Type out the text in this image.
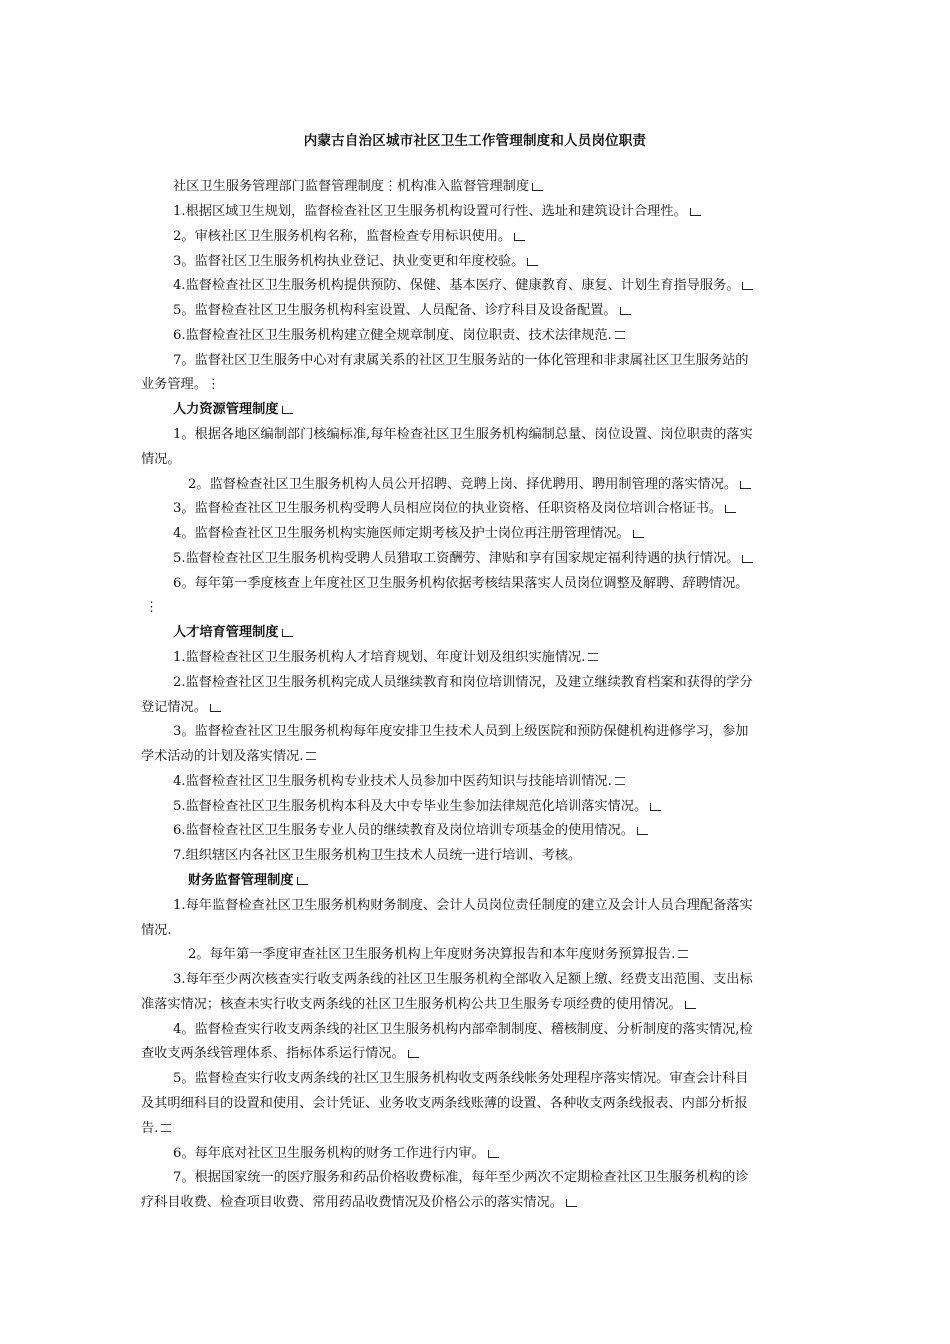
内蒙古自治区城市社区卫生工作管理制度和人员岗位职责
社区卫生服务管理部门监督管理制度⋮机构准入监督管理制度
1.根据区域卫生规划，监督检查社区卫生服务机构设置可行性、选址和建筑设计合理性。
2。审核社区卫生服务机构名称，监督检查专用标识使用。
3。监督社区卫生服务机构执业登记、执业变更和年度校验。
4.监督检查社区卫生服务机构提供预防、保健、基本医疗、健康教育、康复、计划生育指导服务。
5。监督检查社区卫生服务机构科室设置、人员配备、诊疗科目及设备配置。
6.监督检查社区卫生服务机构建立健全规章制度、岗位职责、技术法律规范.
7。监督社区卫生服务中心对有隶属关系的社区卫生服务站的一体化管理和非隶属社区卫生服务站的
业务管理。⋮
人力资源管理制度
1。根据各地区编制部门核编标准,每年检查社区卫生服务机构编制总量、岗位设置、岗位职责的落实
情况。
2。监督检查社区卫生服务机构人员公开招聘、竞聘上岗、择优聘用、聘用制管理的落实情况。
3。监督检查社区卫生服务机构受聘人员相应岗位的执业资格、任职资格及岗位培训合格证书。
4。监督检查社区卫生服务机构实施医师定期考核及护士岗位再注册管理情况。
5.监督检查社区卫生服务机构受聘人员猎取工资酬劳、津贴和享有国家规定福利待遇的执行情况。
6。每年第一季度核查上年度社区卫生服务机构依据考核结果落实人员岗位调整及解聘、辞聘情况。
⋮
人才培育管理制度
1.监督检查社区卫生服务机构人才培育规划、年度计划及组织实施情况.
2.监督检查社区卫生服务机构完成人员继续教育和岗位培训情况，及建立继续教育档案和获得的学分
登记情况。
3。监督检查社区卫生服务机构每年度安排卫生技术人员到上级医院和预防保健机构进修学习，参加
学术活动的计划及落实情况.
4.监督检查社区卫生服务机构专业技术人员参加中医药知识与技能培训情况.
5.监督检查社区卫生服务机构本科及大中专毕业生参加法律规范化培训落实情况。
6.监督检查社区卫生服务专业人员的继续教育及岗位培训专项基金的使用情况。
7.组织辖区内各社区卫生服务机构卫生技术人员统一进行培训、考核。
财务监督管理制度
1.每年监督检查社区卫生服务机构财务制度、会计人员岗位责任制度的建立及会计人员合理配备落实
情况.
2。每年第一季度审查社区卫生服务机构上年度财务决算报告和本年度财务预算报告.
3.每年至少两次核查实行收支两条线的社区卫生服务机构全部收入足额上缴、经费支出范围、支出标
准落实情况；核查未实行收支两条线的社区卫生服务机构公共卫生服务专项经费的使用情况。
4。监督检查实行收支两条线的社区卫生服务机构内部牵制制度、稽核制度、分析制度的落实情况,检
查收支两条线管理体系、指标体系运行情况。
5。监督检查实行收支两条线的社区卫生服务机构收支两条线帐务处理程序落实情况。审查会计科目
及其明细科目的设置和使用、会计凭证、业务收支两条线账薄的设置、各种收支两条线报表、内部分析报
告.
6。每年底对社区卫生服务机构的财务工作进行内审。
7。根据国家统一的医疗服务和药品价格收费标准，每年至少两次不定期检查社区卫生服务机构的诊
疗科目收费、检查项目收费、常用药品收费情况及价格公示的落实情况。
